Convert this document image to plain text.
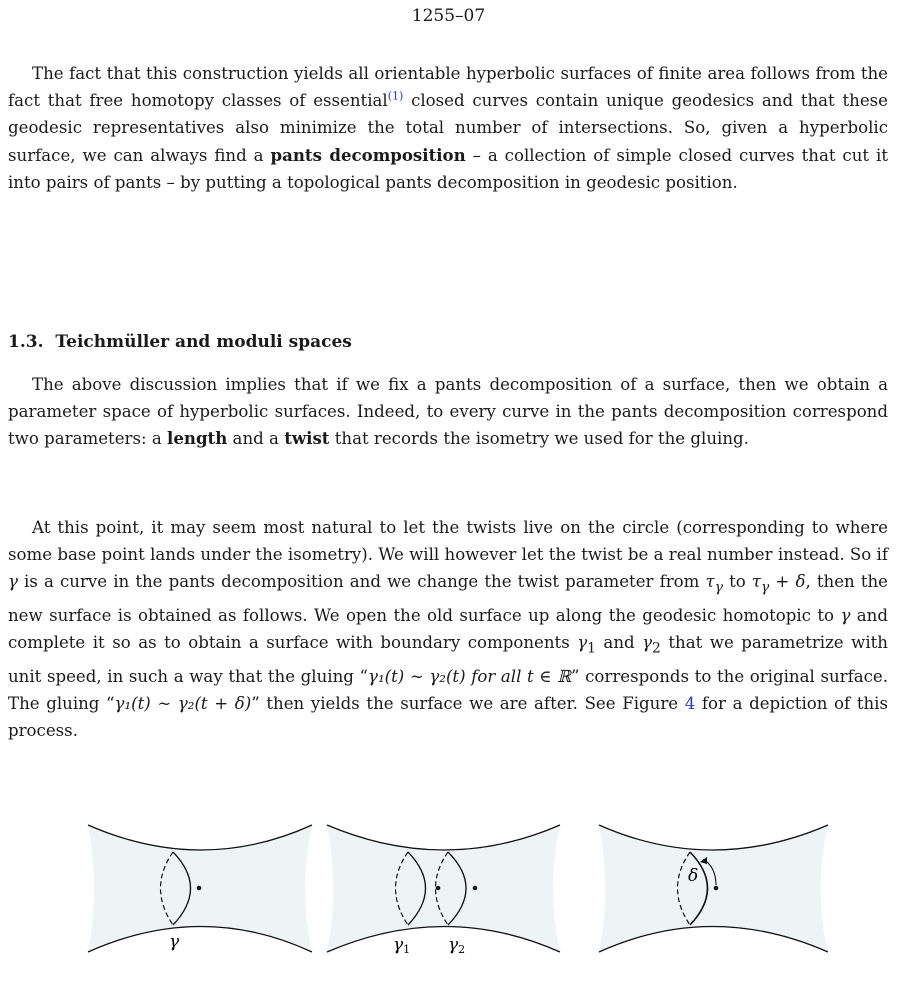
1255–07

The fact that this construction yields all orientable hyperbolic surfaces of finite area follows from the fact that free homotopy classes of essential$^{(1)}$ closed curves contain unique geodesics and that these geodesic representatives also minimize the total number of intersections. So, given a hyperbolic surface, we can always find a pants decomposition – a collection of simple closed curves that cut it into pairs of pants – by putting a topological pants decomposition in geodesic position.

1.3. Teichmüller and moduli spaces

The above discussion implies that if we fix a pants decomposition of a surface, then we obtain a parameter space of hyperbolic surfaces. Indeed, to every curve in the pants decomposition correspond two parameters: a length and a twist that records the isometry we used for the gluing.

At this point, it may seem most natural to let the twists live on the circle (corresponding to where some base point lands under the isometry). We will however let the twist be a real number instead. So if γ is a curve in the pants decomposition and we change the twist parameter from $\tau_\gamma$ to $\tau_\gamma + \delta$, then the new surface is obtained as follows. We open the old surface up along the geodesic homotopic to γ and complete it so as to obtain a surface with boundary components $\gamma_1$ and $\gamma_2$ that we parametrize with unit speed, in such a way that the gluing “γ₁(t) ∼ γ₂(t) for all t ∈ ℝ” corresponds to the original surface. The gluing “γ₁(t) ∼ γ₂(t + δ)” then yields the surface we are after. See Figure 4 for a depiction of this process.

γ	γ1 γ2
δ
